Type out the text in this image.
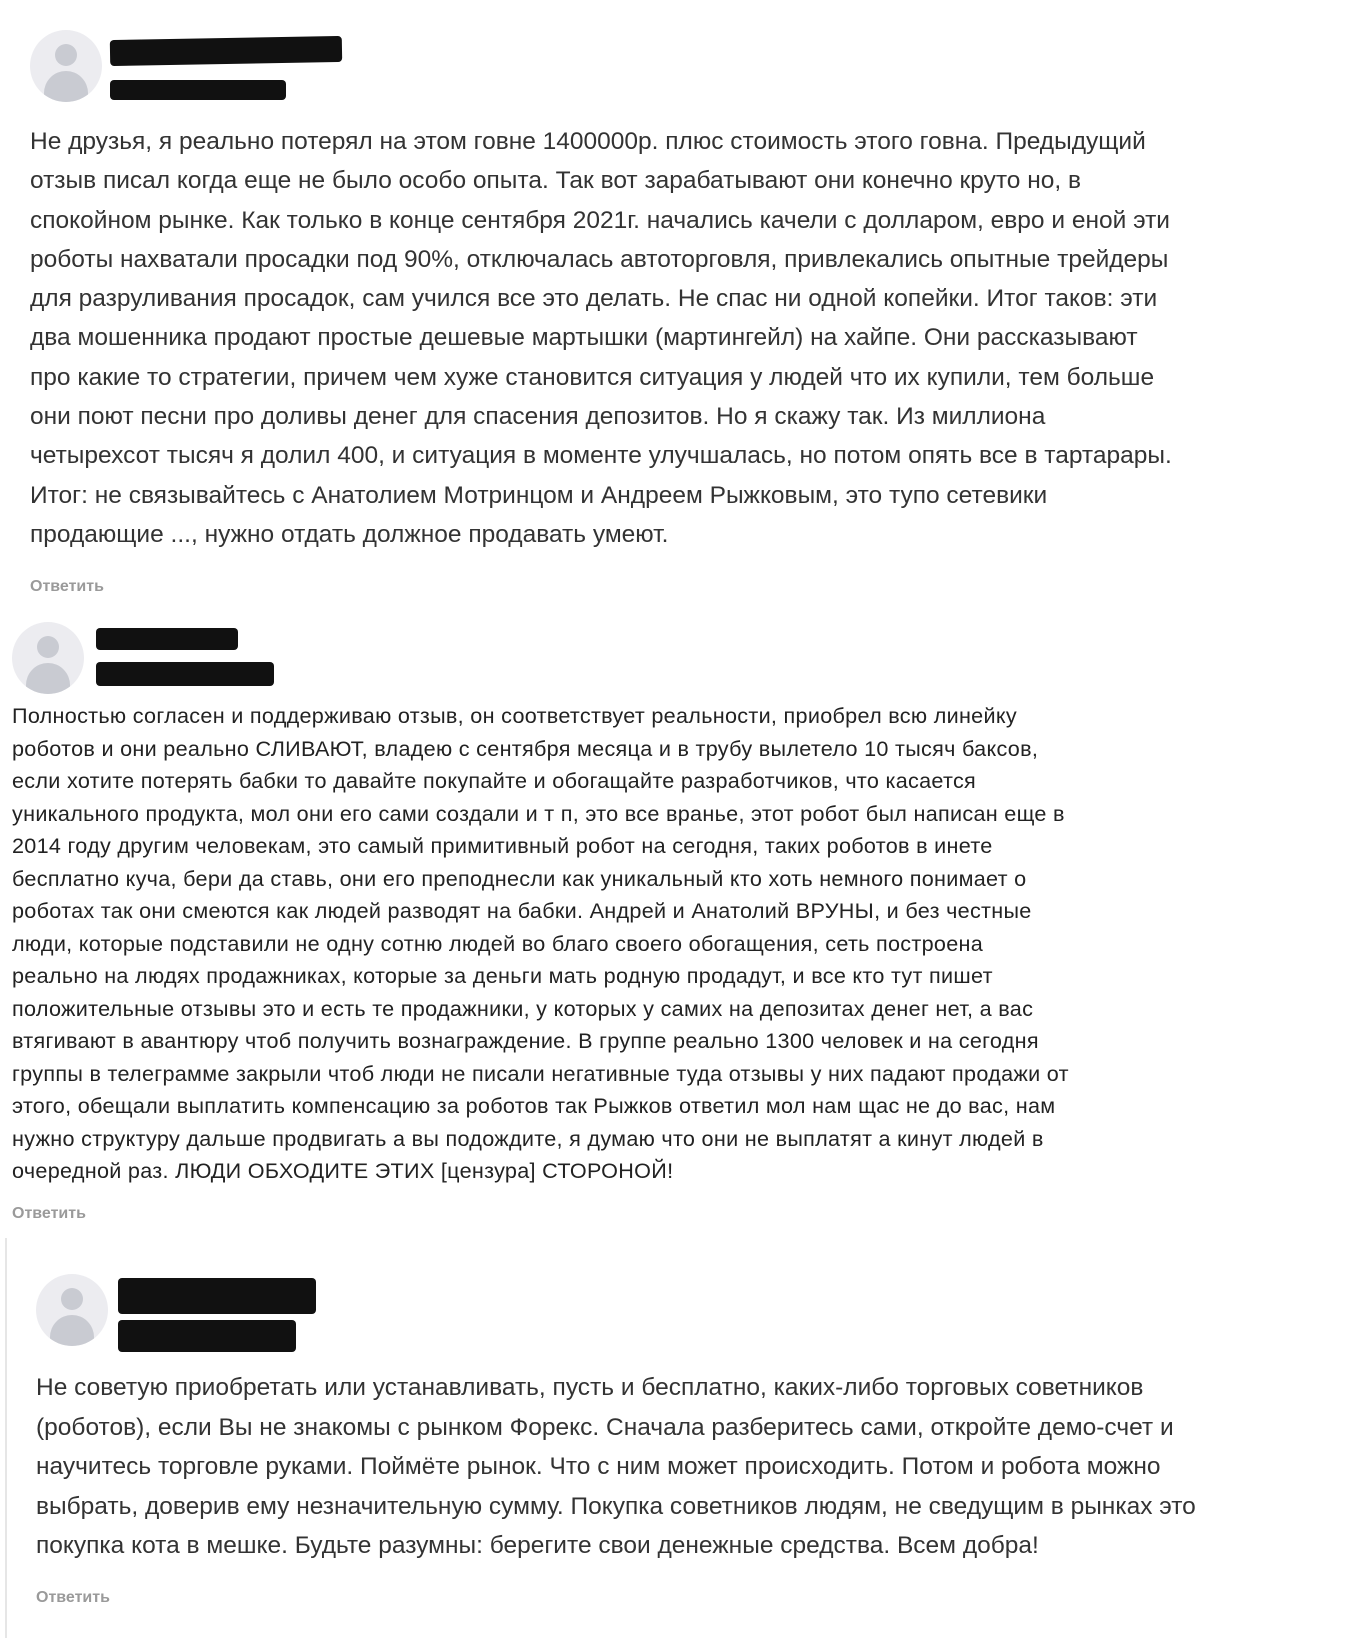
Не друзья, я реально потерял на этом говне 1400000р. плюс стоимость этого говна. Предыдущий
отзыв писал когда еще не было особо опыта. Так вот зарабатывают они конечно круто но, в
спокойном рынке. Как только в конце сентября 2021г. начались качели с долларом, евро и еной эти
роботы нахватали просадки под 90%, отключалась автоторговля, привлекались опытные трейдеры
для разруливания просадок, сам учился все это делать. Не спас ни одной копейки. Итог таков: эти
два мошенника продают простые дешевые мартышки (мартингейл) на хайпе. Они рассказывают
про какие то стратегии, причем чем хуже становится ситуация у людей что их купили, тем больше
они поют песни про доливы денег для спасения депозитов. Но я скажу так. Из миллиона
четырехсот тысяч я долил 400, и ситуация в моменте улучшалась, но потом опять все в тартарары.
Итог: не связывайтесь с Анатолием Мотринцом и Андреем Рыжковым, это тупо сетевики
продающие ..., нужно отдать должное продавать умеют.

Ответить

Полностью согласен и поддерживаю отзыв, он соответствует реальности, приобрел всю линейку
роботов и они реально СЛИВАЮТ, владею с сентября месяца и в трубу вылетело 10 тысяч баксов,
если хотите потерять бабки то давайте покупайте и обогащайте разработчиков, что касается
уникального продукта, мол они его сами создали и т п, это все вранье, этот робот был написан еще в
2014 году другим человекам, это самый примитивный робот на сегодня, таких роботов в инете
бесплатно куча, бери да ставь, они его преподнесли как уникальный кто хоть немного понимает о
роботах так они смеются как людей разводят на бабки. Андрей и Анатолий ВРУНЫ, и без честные
люди, которые подставили не одну сотню людей во благо своего обогащения, сеть построена
реально на людях продажниках, которые за деньги мать родную продадут, и все кто тут пишет
положительные отзывы это и есть те продажники, у которых у самих на депозитах денег нет, а вас
втягивают в авантюру чтоб получить вознаграждение. В группе реально 1300 человек и на сегодня
группы в телеграмме закрыли чтоб люди не писали негативные туда отзывы у них падают продажи от
этого, обещали выплатить компенсацию за роботов так Рыжков ответил мол нам щас не до вас, нам
нужно структуру дальше продвигать а вы подождите, я думаю что они не выплатят а кинут людей в
очередной раз. ЛЮДИ ОБХОДИТЕ ЭТИХ [цензура] СТОРОНОЙ!

Ответить

Не советую приобретать или устанавливать, пусть и бесплатно, каких-либо торговых советников
(роботов), если Вы не знакомы с рынком Форекс. Сначала разберитесь сами, откройте демо-счет и
научитесь торговле руками. Поймёте рынок. Что с ним может происходить. Потом и робота можно
выбрать, доверив ему незначительную сумму. Покупка советников людям, не сведущим в рынках это
покупка кота в мешке. Будьте разумны: берегите свои денежные средства. Всем добра!

Ответить
